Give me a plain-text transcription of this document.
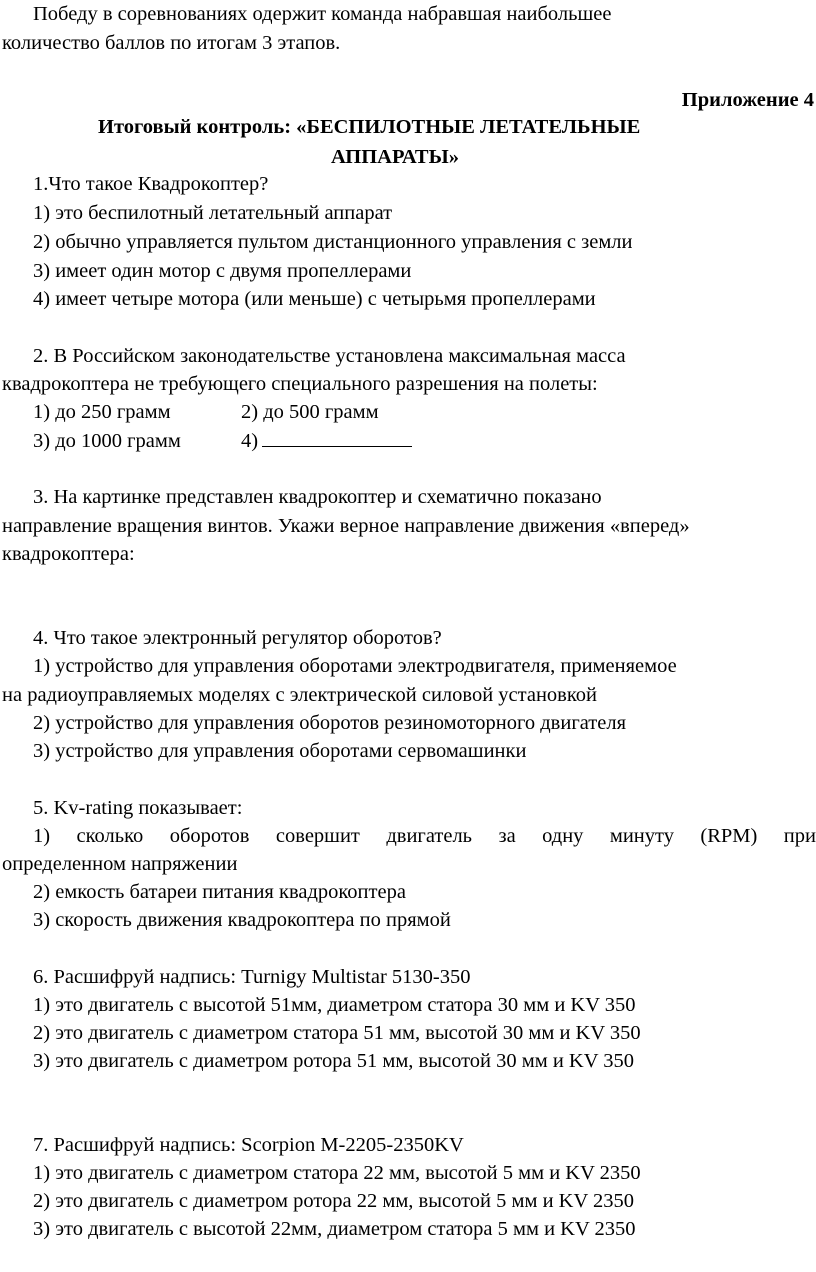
Победу в соревнованиях одержит команда набравшая наибольшее
количество баллов по итогам 3 этапов.
Приложение 4
Итоговый контроль: «БЕСПИЛОТНЫЕ ЛЕТАТЕЛЬНЫЕ
АППАРАТЫ»
1.Что такое Квадрокоптер?
1) это беспилотный летательный аппарат
2) обычно управляется пультом дистанционного управления с земли
3) имеет один мотор с двумя пропеллерами
4) имеет четыре мотора (или меньше) с четырьмя пропеллерами
2. В Российском законодательстве установлена максимальная масса
квадрокоптера не требующего специального разрешения на полеты:
1) до 250 грамм	2) до 500 грамм
3) до 1000 грамм	4)
3. На картинке представлен квадрокоптер и схематично показано
направление вращения винтов. Укажи верное направление движения «вперед»
квадрокоптера:
4. Что такое электронный регулятор оборотов?
1) устройство для управления оборотами электродвигателя, применяемое
на радиоуправляемых моделях с электрической силовой установкой
2) устройство для управления оборотов резиномоторного двигателя
3) устройство для управления оборотами сервомашинки
5. Kv-rating показывает:
1) сколько оборотов совершит двигатель за одну минуту (RPM) при
определенном напряжении
2) емкость батареи питания квадрокоптера
3) скорость движения квадрокоптера по прямой
6. Расшифруй надпись: Turnigy Multistar 5130-350
1) это двигатель с высотой 51мм, диаметром статора 30 мм и KV 350
2) это двигатель с диаметром статора 51 мм, высотой 30 мм и KV 350
3) это двигатель с диаметром ротора 51 мм, высотой 30 мм и KV 350
7. Расшифруй надпись: Scorpion M-2205-2350KV
1) это двигатель с диаметром статора 22 мм, высотой 5 мм и KV 2350
2) это двигатель с диаметром ротора 22 мм, высотой 5 мм и KV 2350
3) это двигатель с высотой 22мм, диаметром статора 5 мм и KV 2350
